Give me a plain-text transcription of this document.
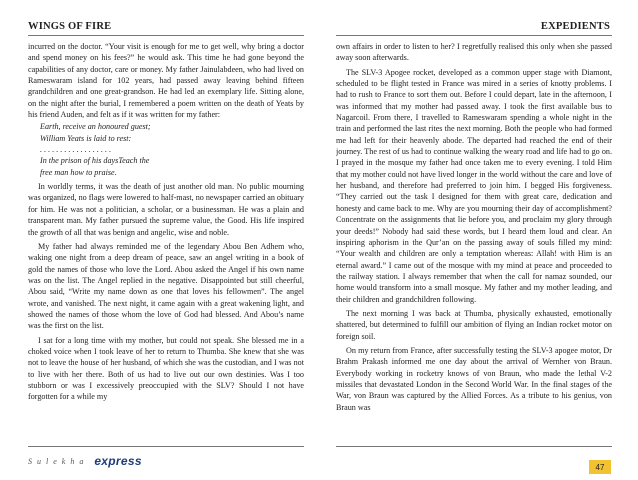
WINGS OF FIRE	EXPEDIENTS

incurred on the doctor. “Your visit is enough for me to get well, why bring a doctor and spend money on his fees?” he would ask. This time he had gone beyond the capabilities of any doctor, care or money. My father Jainulabdeen, who had lived on Rameswaram island for 102 years, had passed away leaving behind fifteen grandchildren and one great-grandson. He had led an exemplary life. Sitting alone, on the night after the burial, I remembered a poem written on the death of Yeats by his friend Auden, and felt as if it was written for my father:

Earth, receive an honoured guest;
William Yeats is laid to rest:
. . . . . . . . . . . . . . . . . .
In the prison of his daysTeach the
free man how to praise.

In worldly terms, it was the death of just another old man. No public mourning was organized, no flags were lowered to half-mast, no newspaper carried an obituary for him. He was not a politician, a scholar, or a businessman. He was a plain and transparent man. My father pursued the supreme value, the Good. His life inspired the growth of all that was benign and angelic, wise and noble.

My father had always reminded me of the legendary Abou Ben Adhem who, waking one night from a deep dream of peace, saw an angel writing in a book of gold the names of those who love the Lord. Abou asked the Angel if his own name was on the list. The Angel replied in the negative. Disappointed but still cheerful, Abou said, “Write my name down as one that loves his fellowmen”. The angel wrote, and vanished. The next night, it came again with a great wakening light, and showed the names of those whom the love of God had blessed. And Abou’s name was the first on the list.

I sat for a long time with my mother, but could not speak. She blessed me in a choked voice when I took leave of her to return to Thumba. She knew that she was not to leave the house of her husband, of which she was the custodian, and I was not to live with her there. Both of us had to live out our own destinies. Was I too stubborn or was I excessively preoccupied with the SLV? Should I not have forgotten for a while my

own affairs in order to listen to her? I regretfully realised this only when she passed away soon afterwards.

The SLV-3 Apogee rocket, developed as a common upper stage with Diamont, scheduled to be flight tested in France was mired in a series of knotty problems. I had to rush to France to sort them out. Before I could depart, late in the afternoon, I was informed that my mother had passed away. I took the first available bus to Nagarcoil. From there, I travelled to Rameswaram spending a whole night in the train and performed the last rites the next morning. Both the people who had formed me had left for their heavenly abode. The departed had reached the end of their journey. The rest of us had to continue walking the weary road and life had to go on. I prayed in the mosque my father had once taken me to every evening. I told Him that my mother could not have lived longer in the world without the care and love of her husband, and therefore had preferred to join him. I begged His forgiveness. “They carried out the task I designed for them with great care, dedication and honesty and came back to me. Why are you mourning their day of accomplishment? Concentrate on the assignments that lie before you, and proclaim my glory through your deeds!” Nobody had said these words, but I heard them loud and clear. An inspiring aphorism in the Qur’an on the passing away of souls filled my mind: “Your wealth and children are only a temptation whereas: Allah! with Him is an eternal award.” I came out of the mosque with my mind at peace and proceeded to the railway station. I always remember that when the call for namaz sounded, our home would transform into a small mosque. My father and my mother leading, and their children and grandchildren following.

The next morning I was back at Thumba, physically exhausted, emotionally shattered, but determined to fulfill our ambition of flying an Indian rocket motor on foreign soil.

On my return from France, after successfully testing the SLV-3 apogee motor, Dr Brahm Prakash informed me one day about the arrival of Wernher von Braun. Everybody working in rocketry knows of von Braun, who made the lethal V-2 missiles that devastated London in the Second World War. In the final stages of the War, von Braun was captured by the Allied Forces. As a tribute to his genius, von Braun was

Sulekha express	47
